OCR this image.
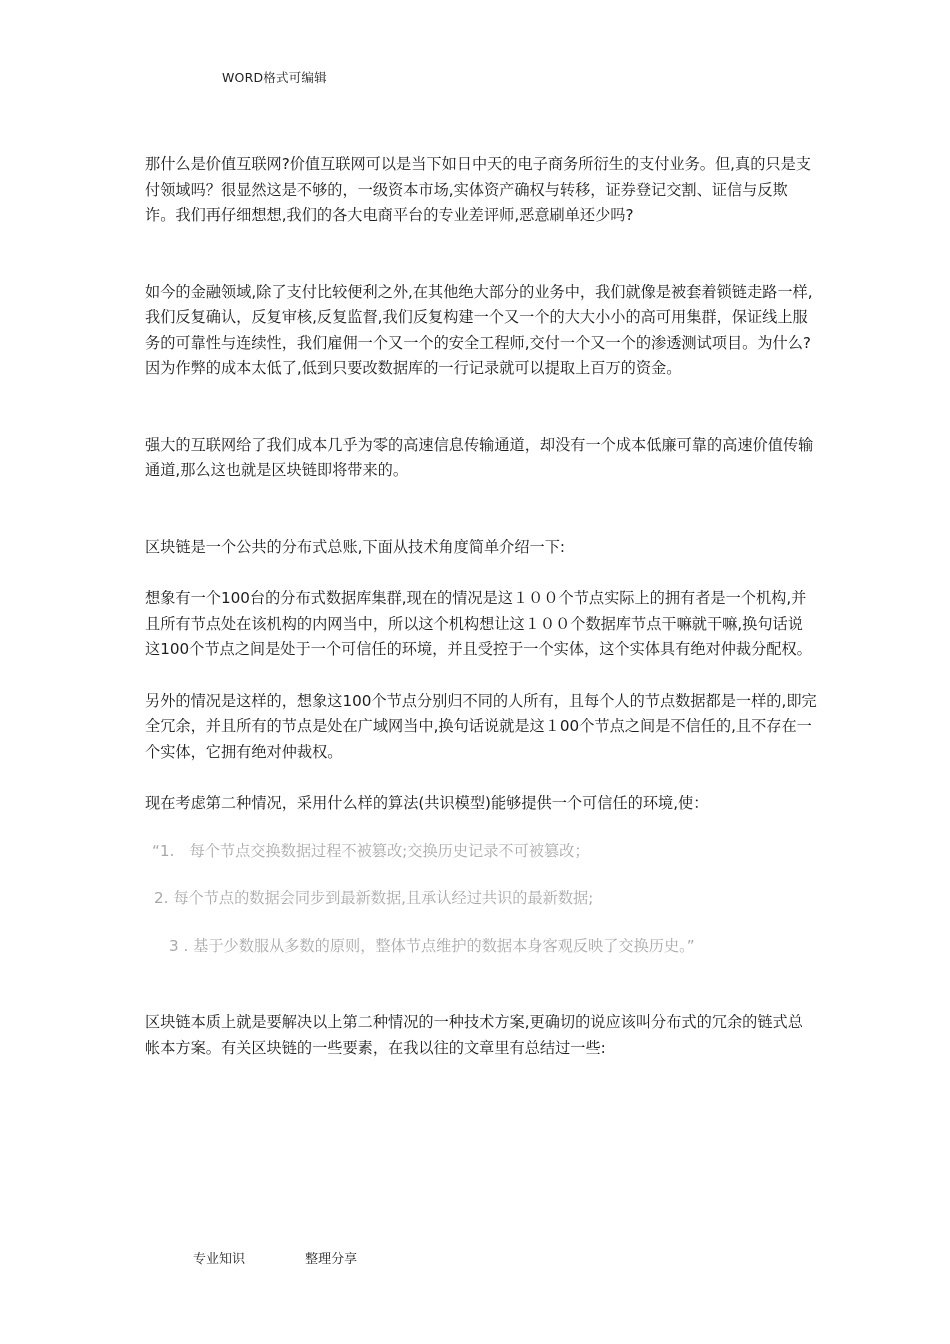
WORD格式可编辑

那什么是价值互联网?价值互联网可以是当下如日中天的电子商务所衍生的支付业务。但,真的只是支付领域吗？很显然这是不够的，一级资本市场,实体资产确权与转移，证券登记交割、证信与反欺诈。我们再仔细想想,我们的各大电商平台的专业差评师,恶意刷单还少吗?

如今的金融领域,除了支付比较便利之外,在其他绝大部分的业务中，我们就像是被套着锁链走路一样,我们反复确认，反复审核,反复监督,我们反复构建一个又一个的大大小小的高可用集群，保证线上服务的可靠性与连续性，我们雇佣一个又一个的安全工程师,交付一个又一个的渗透测试项目。为什么?因为作弊的成本太低了,低到只要改数据库的一行记录就可以提取上百万的资金。

强大的互联网给了我们成本几乎为零的高速信息传输通道，却没有一个成本低廉可靠的高速价值传输通道,那么这也就是区块链即将带来的。

区块链是一个公共的分布式总账,下面从技术角度简单介绍一下:

想象有一个100台的分布式数据库集群,现在的情况是这１００个节点实际上的拥有者是一个机构,并且所有节点处在该机构的内网当中，所以这个机构想让这１００个数据库节点干嘛就干嘛,换句话说这100个节点之间是处于一个可信任的环境，并且受控于一个实体，这个实体具有绝对仲裁分配权。

另外的情况是这样的，想象这100个节点分别归不同的人所有，且每个人的节点数据都是一样的,即完全冗余，并且所有的节点是处在广域网当中,换句话说就是这１00个节点之间是不信任的,且不存在一个实体，它拥有绝对仲裁权。

现在考虑第二种情况，采用什么样的算法(共识模型)能够提供一个可信任的环境,使：

“1.　每个节点交换数据过程不被篡改;交换历史记录不可被篡改；

2. 每个节点的数据会同步到最新数据,且承认经过共识的最新数据;

3 . 基于少数服从多数的原则，整体节点维护的数据本身客观反映了交换历史。”

区块链本质上就是要解决以上第二种情况的一种技术方案,更确切的说应该叫分布式的冗余的链式总帐本方案。有关区块链的一些要素，在我以往的文章里有总结过一些:

专业知识	整理分享
